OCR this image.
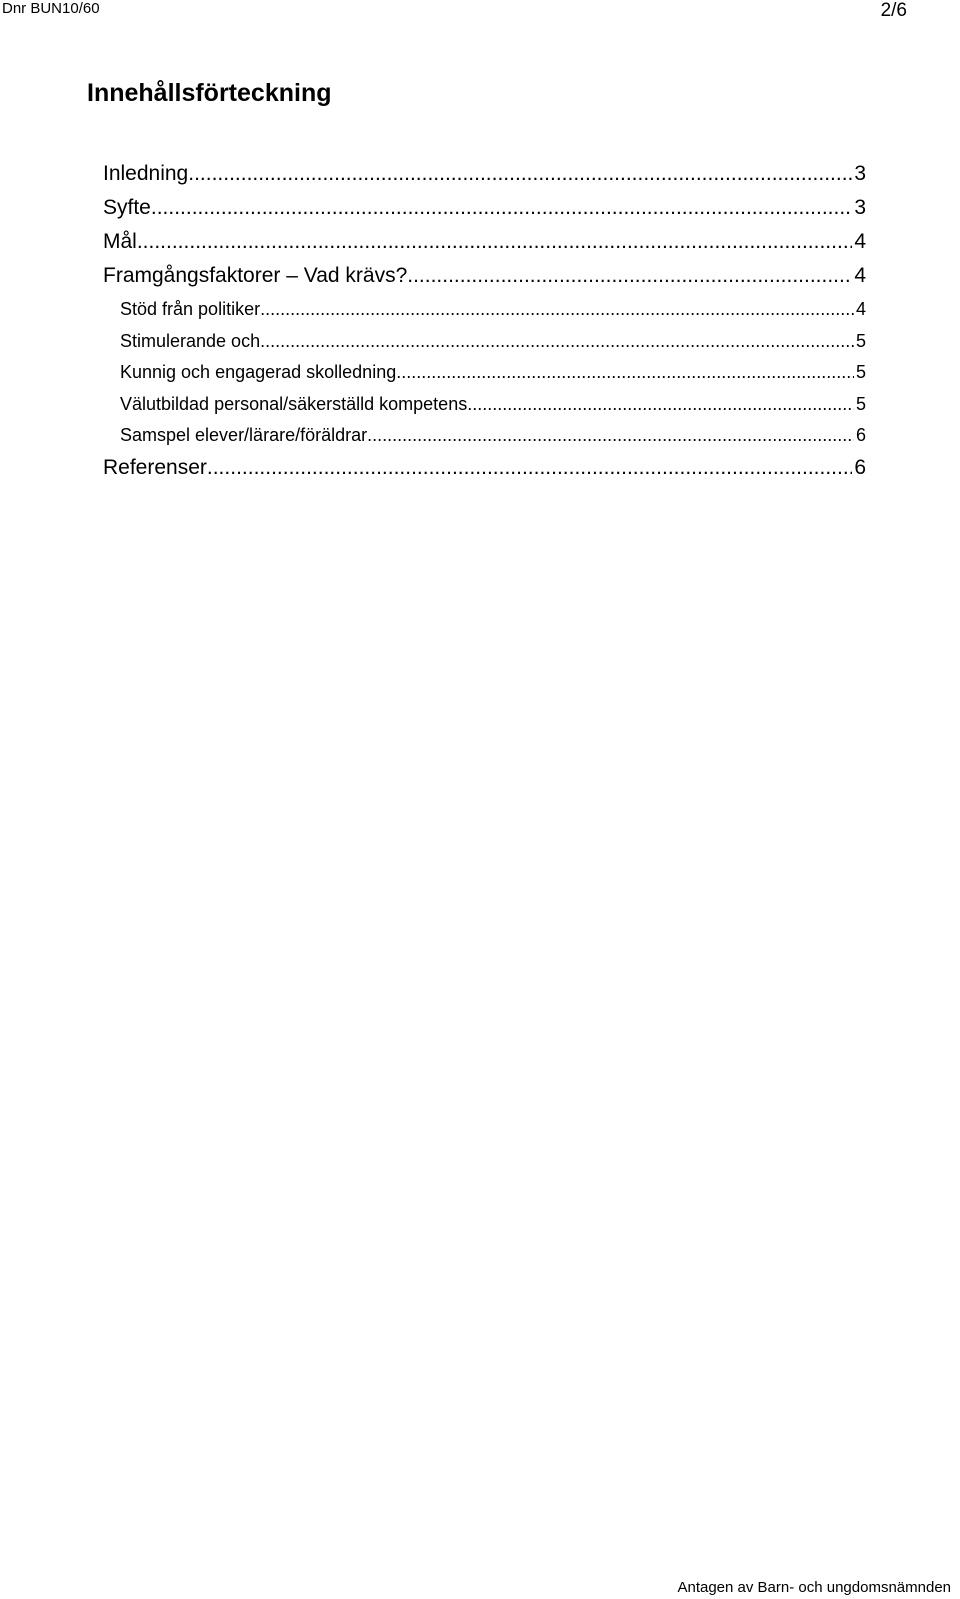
Dnr BUN10/60	2/6
Innehållsförteckning
Inledning .....	3
Syfte .....	3
Mål .....	4
Framgångsfaktorer – Vad krävs? .....	4
Stöd från politiker .....	4
Stimulerande och .....	5
Kunnig och engagerad skolledning .....	5
Välutbildad personal/säkerställd kompetens .....	5
Samspel elever/lärare/föräldrar .....	6
Referenser .....	6
Antagen av Barn- och ungdomsnämnden
